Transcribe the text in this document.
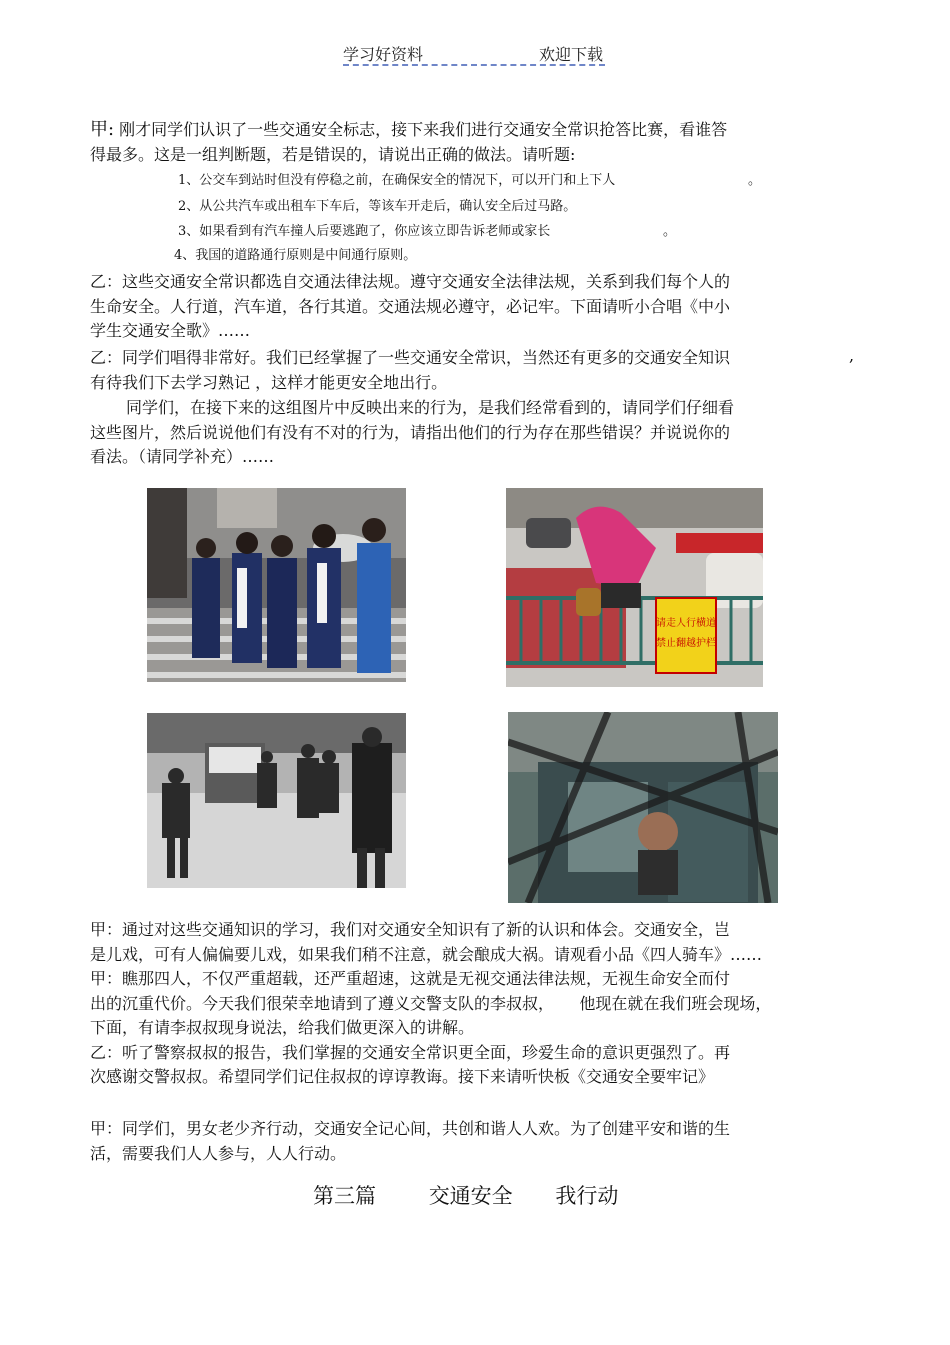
学习好资料	欢迎下载
甲: 刚才同学们认识了一些交通安全标志，接下来我们进行交通安全常识抢答比赛，看谁答
得最多。这是一组判断题，若是错误的，请说出正确的做法。请听题:
1、公交车到站时但没有停稳之前，在确保安全的情况下，可以开门和上下人	。
2、从公共汽车或出租车下车后，等该车开走后，确认安全后过马路。
3、如果看到有汽车撞人后要逃跑了，你应该立即告诉老师或家长	。
4、我国的道路通行原则是中间通行原则。
乙：这些交通安全常识都选自交通法律法规。遵守交通安全法律法规，关系到我们每个人的
生命安全。人行道，汽车道，各行其道。交通法规必遵守，必记牢。下面请听小合唱《中小
学生交通安全歌》……
乙：同学们唱得非常好。我们已经掌握了一些交通安全常识，当然还有更多的交通安全知识
有待我们下去学习熟记 ，这样才能更安全地出行。
,
同学们，在接下来的这组图片中反映出来的行为，是我们经常看到的，请同学们仔细看
这些图片，然后说说他们有没有不对的行为，请指出他们的行为存在那些错误？并说说你的
看法。（请同学补充）……
请走人行横道
禁止翻越护栏
甲：通过对这些交通知识的学习，我们对交通安全知识有了新的认识和体会。交通安全，岂
是儿戏，可有人偏偏要儿戏，如果我们稍不注意，就会酿成大祸。请观看小品《四人骑车》……
甲：瞧那四人，不仅严重超载，还严重超速，这就是无视交通法律法规，无视生命安全而付
出的沉重代价。今天我们很荣幸地请到了遵义交警支队的李叔叔，     他现在就在我们班会现场，
下面，有请李叔叔现身说法，给我们做更深入的讲解。
乙：听了警察叔叔的报告，我们掌握的交通安全常识更全面，珍爱生命的意识更强烈了。再
次感谢交警叔叔。希望同学们记住叔叔的谆谆教诲。接下来请听快板《交通安全要牢记》
甲：同学们，男女老少齐行动，交通安全记心间，共创和谐人人欢。为了创建平安和谐的生
活，需要我们人人参与，人人行动。
第三篇	交通安全 我行动
